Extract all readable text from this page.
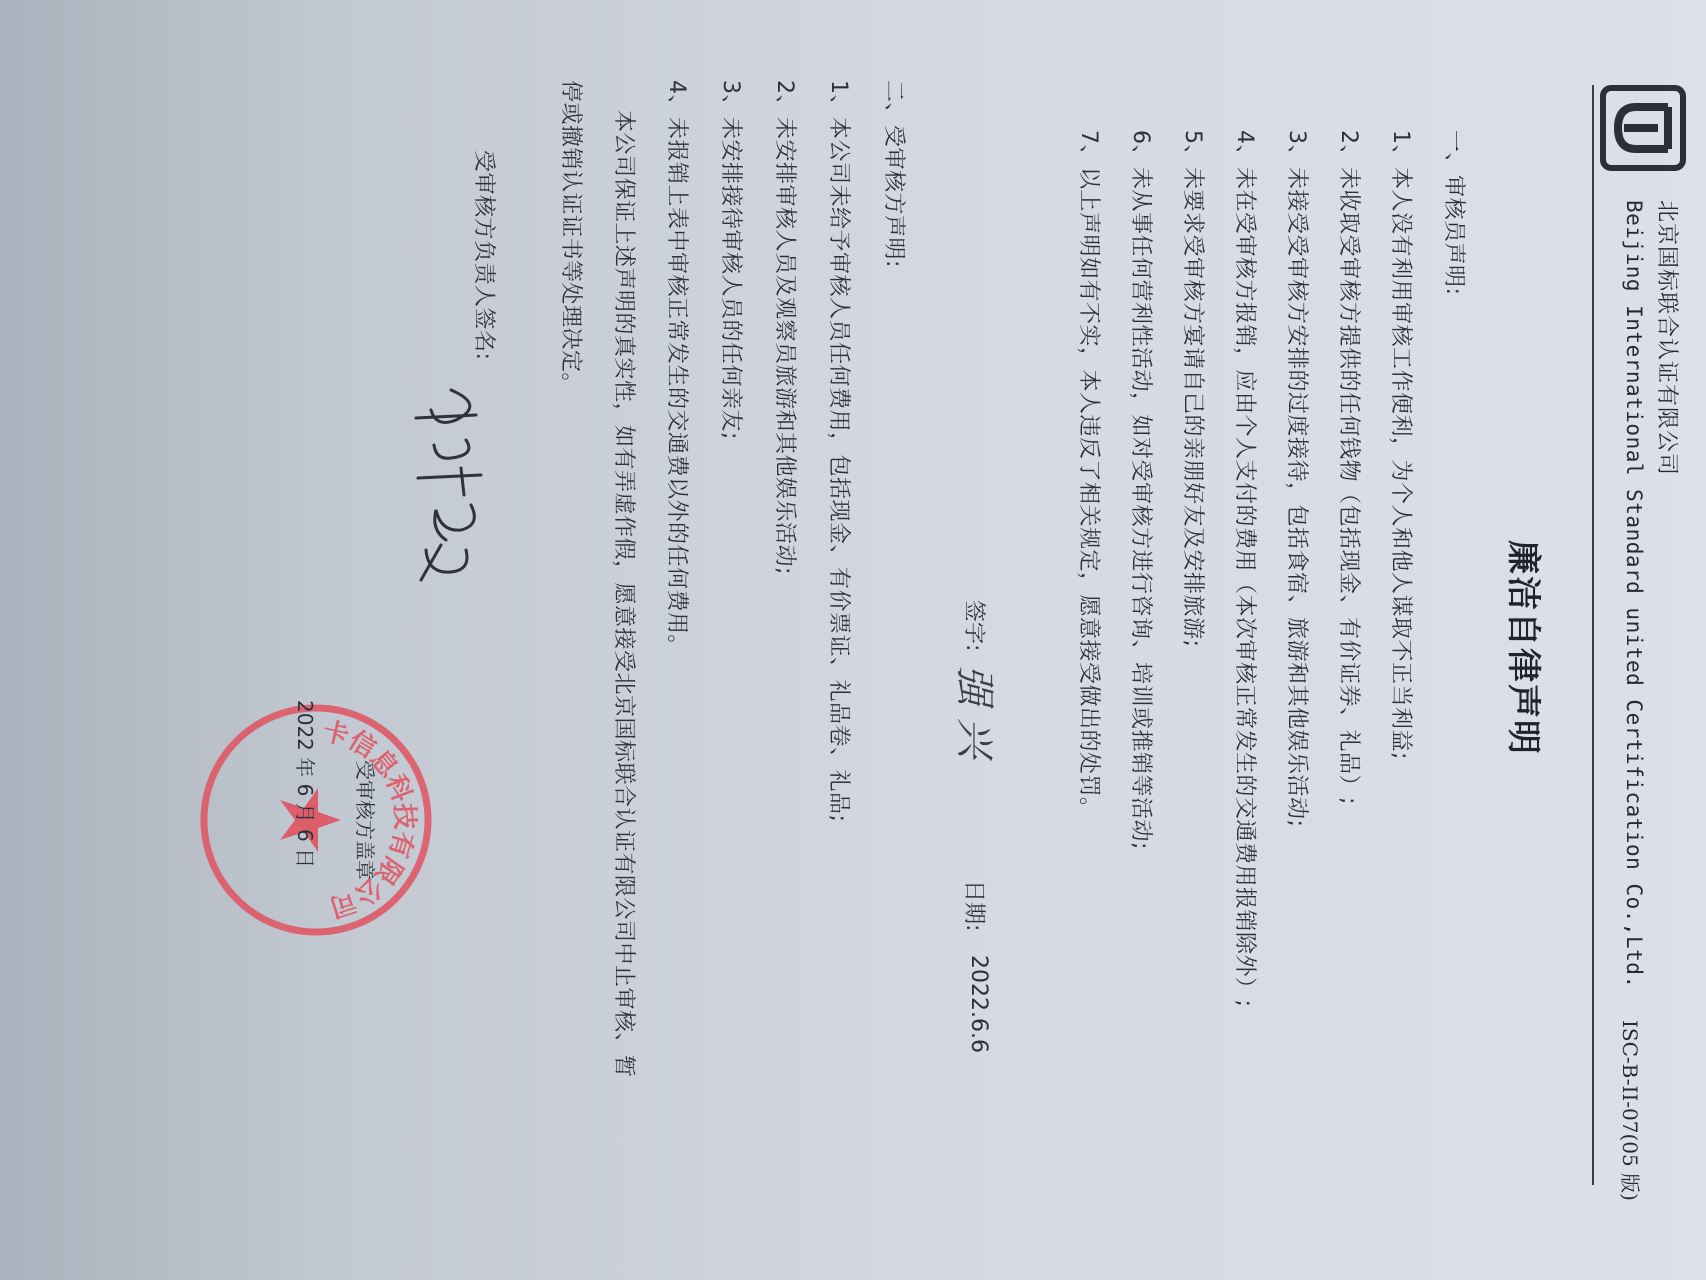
北京国标联合认证有限公司
Beijing International Standard united Certification Co.,Ltd.
ISC-B-II-07(05 版)
廉洁自律声明
一、审核员声明:
1、本人没有利用审核工作便利，为个人和他人谋取不正当利益;
2、未收取受审核方提供的任何钱物（包括现金、有价证券、礼品）;
3、未接受受审核方安排的过度接待，包括食宿、旅游和其他娱乐活动;
4、未在受审核方报销，应由个人支付的费用（本次审核正常发生的交通费用报销除外）;
5、未要求受审核方宴请自己的亲朋好友及安排旅游;
6、未从事任何营利性活动，如对受审核方进行咨询、培训或推销等活动;
7、以上声明如有不实，本人违反了相关规定，愿意接受做出的处罚。
签字:
强 兴
日期:
2022.6.6
二、受审核方声明:
1、本公司未给予审核人员任何费用，包括现金、有价票证、礼品卷、礼品;
2、未安排审核人员及观察员旅游和其他娱乐活动;
3、未安排接待审核人员的任何亲友;
4、未报销上表中审核正常发生的交通费以外的任何费用。
本公司保证上述声明的真实性，如有弄虚作假，愿意接受北京国标联合认证有限公司中止审核、暂
停或撤销认证证书等处理决定。
受审核方负责人签名:
卡信息科技有限公司
受审核方盖章
2022 年 6 月 6 日
